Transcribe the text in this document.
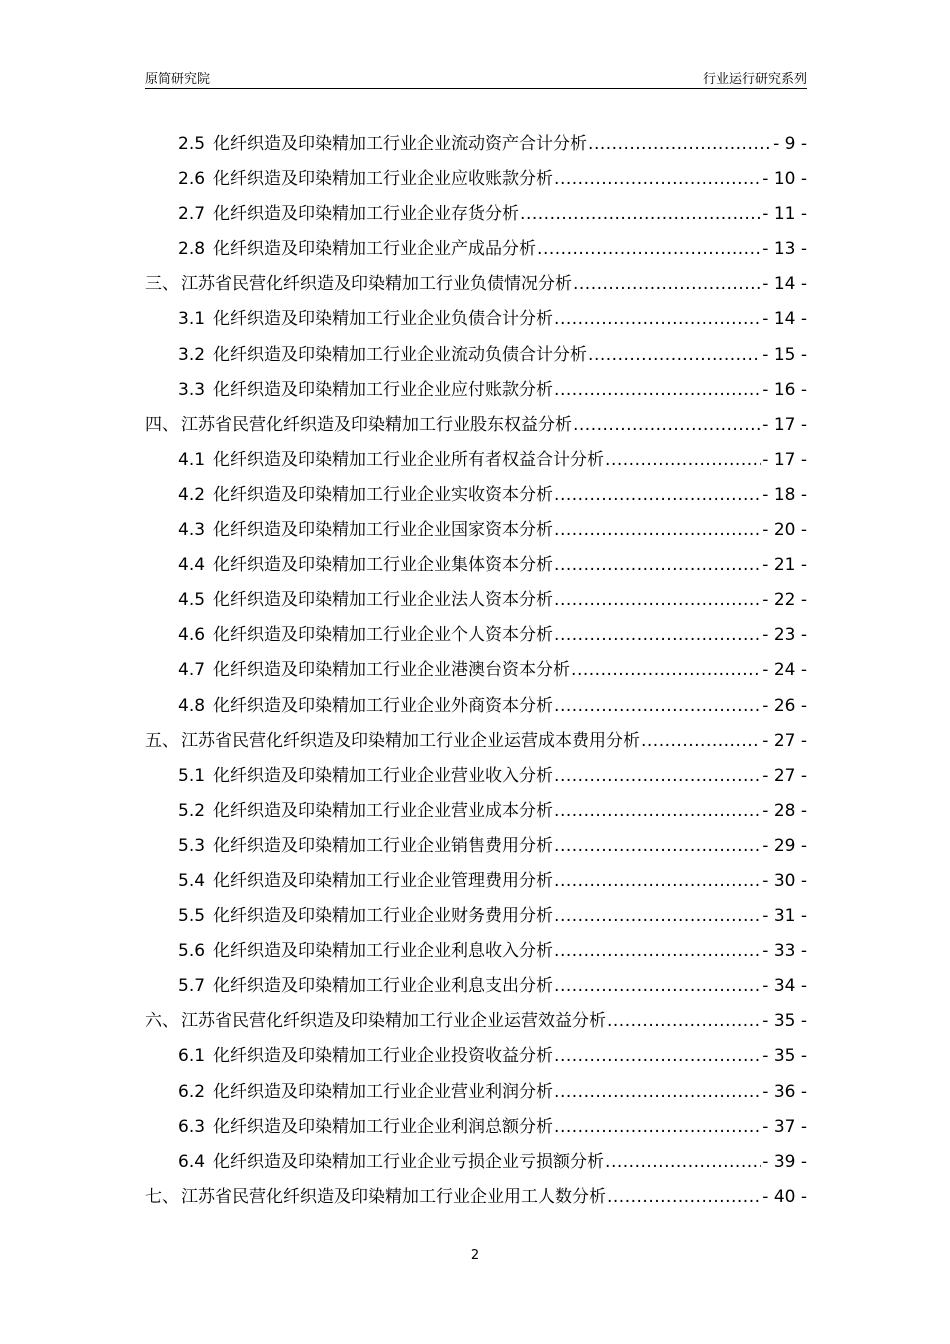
原简研究院	行业运行研究系列
2.5 化纤织造及印染精加工行业企业流动资产合计分析 .....	- 9 -
2.6 化纤织造及印染精加工行业企业应收账款分析 .....	- 10 -
2.7 化纤织造及印染精加工行业企业存货分析 .....	- 11 -
2.8 化纤织造及印染精加工行业企业产成品分析 .....	- 13 -
三、 江苏省民营化纤织造及印染精加工行业负债情况分析 .....	- 14 -
3.1 化纤织造及印染精加工行业企业负债合计分析 .....	- 14 -
3.2 化纤织造及印染精加工行业企业流动负债合计分析 .....	- 15 -
3.3 化纤织造及印染精加工行业企业应付账款分析 .....	- 16 -
四、 江苏省民营化纤织造及印染精加工行业股东权益分析 .....	- 17 -
4.1 化纤织造及印染精加工行业企业所有者权益合计分析 .....	- 17 -
4.2 化纤织造及印染精加工行业企业实收资本分析 .....	- 18 -
4.3 化纤织造及印染精加工行业企业国家资本分析 .....	- 20 -
4.4 化纤织造及印染精加工行业企业集体资本分析 .....	- 21 -
4.5 化纤织造及印染精加工行业企业法人资本分析 .....	- 22 -
4.6 化纤织造及印染精加工行业企业个人资本分析 .....	- 23 -
4.7 化纤织造及印染精加工行业企业港澳台资本分析 .....	- 24 -
4.8 化纤织造及印染精加工行业企业外商资本分析 .....	- 26 -
五、 江苏省民营化纤织造及印染精加工行业企业运营成本费用分析 .....	- 27 -
5.1 化纤织造及印染精加工行业企业营业收入分析 .....	- 27 -
5.2 化纤织造及印染精加工行业企业营业成本分析 .....	- 28 -
5.3 化纤织造及印染精加工行业企业销售费用分析 .....	- 29 -
5.4 化纤织造及印染精加工行业企业管理费用分析 .....	- 30 -
5.5 化纤织造及印染精加工行业企业财务费用分析 .....	- 31 -
5.6 化纤织造及印染精加工行业企业利息收入分析 .....	- 33 -
5.7 化纤织造及印染精加工行业企业利息支出分析 .....	- 34 -
六、 江苏省民营化纤织造及印染精加工行业企业运营效益分析 .....	- 35 -
6.1 化纤织造及印染精加工行业企业投资收益分析 .....	- 35 -
6.2 化纤织造及印染精加工行业企业营业利润分析 .....	- 36 -
6.3 化纤织造及印染精加工行业企业利润总额分析 .....	- 37 -
6.4 化纤织造及印染精加工行业企业亏损企业亏损额分析 .....	- 39 -
七、 江苏省民营化纤织造及印染精加工行业企业用工人数分析 .....	- 40 -
2
